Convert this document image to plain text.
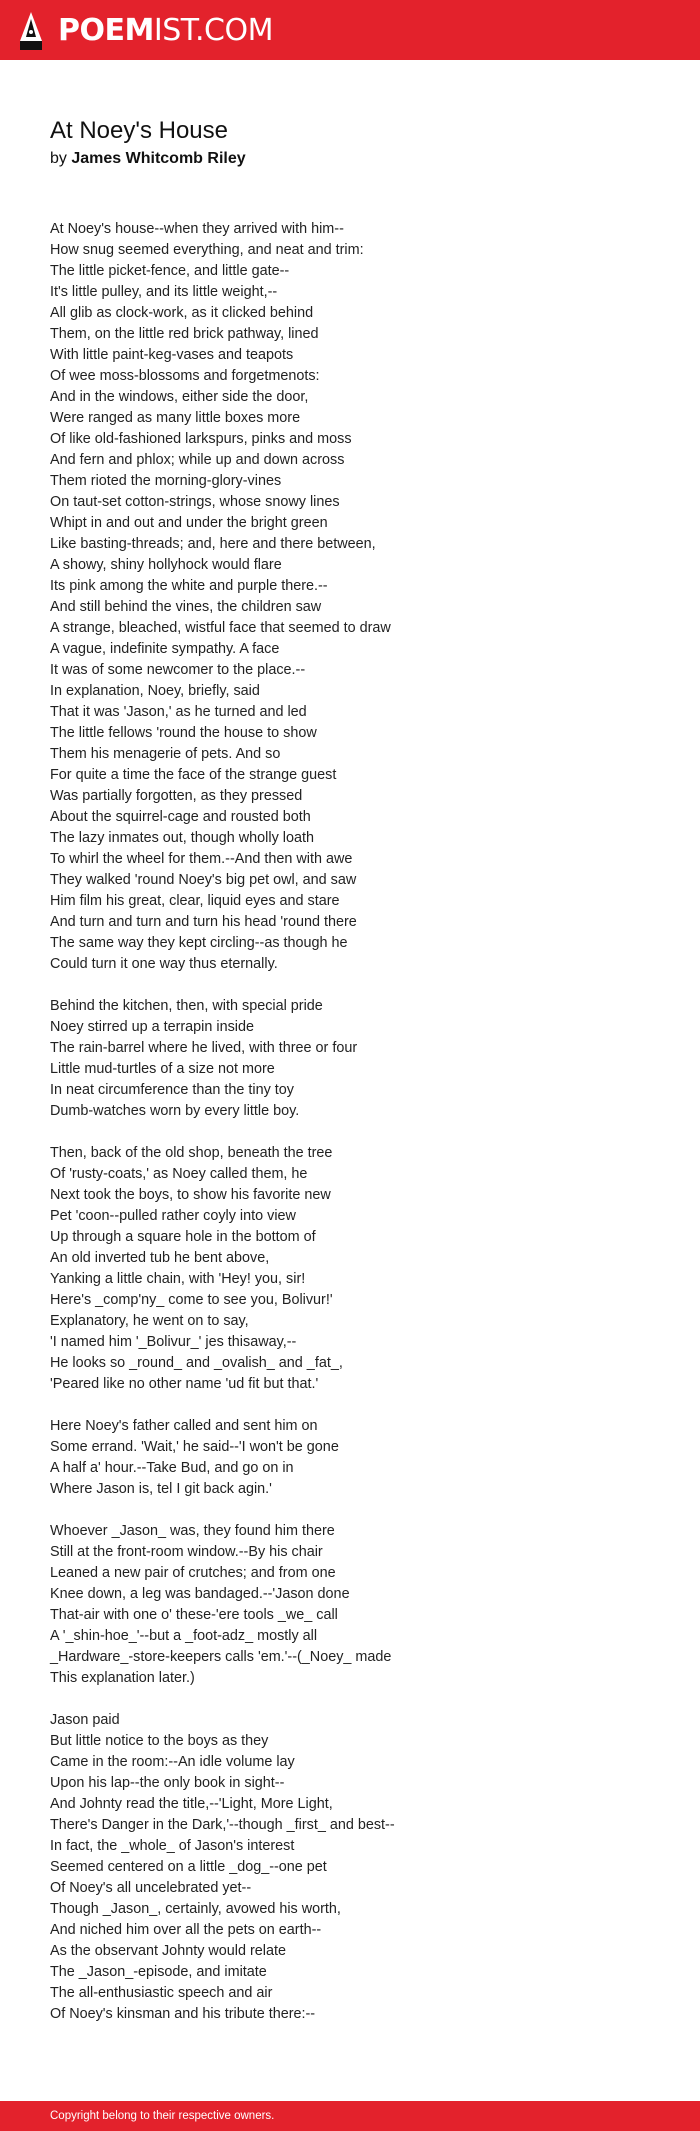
POEMIST.COM
At Noey's House
by James Whitcomb Riley
At Noey's house--when they arrived with him--
How snug seemed everything, and neat and trim:
The little picket-fence, and little gate--
It's little pulley, and its little weight,--
All glib as clock-work, as it clicked behind
Them, on the little red brick pathway, lined
With little paint-keg-vases and teapots
Of wee moss-blossoms and forgetmenots:
And in the windows, either side the door,
Were ranged as many little boxes more
Of like old-fashioned larkspurs, pinks and moss
And fern and phlox; while up and down across
Them rioted the morning-glory-vines
On taut-set cotton-strings, whose snowy lines
Whipt in and out and under the bright green
Like basting-threads; and, here and there between,
A showy, shiny hollyhock would flare
Its pink among the white and purple there.--
And still behind the vines, the children saw
A strange, bleached, wistful face that seemed to draw
A vague, indefinite sympathy. A face
It was of some newcomer to the place.--
In explanation, Noey, briefly, said
That it was 'Jason,' as he turned and led
The little fellows 'round the house to show
Them his menagerie of pets. And so
For quite a time the face of the strange guest
Was partially forgotten, as they pressed
About the squirrel-cage and rousted both
The lazy inmates out, though wholly loath
To whirl the wheel for them.--And then with awe
They walked 'round Noey's big pet owl, and saw
Him film his great, clear, liquid eyes and stare
And turn and turn and turn his head 'round there
The same way they kept circling--as though he
Could turn it one way thus eternally.
Behind the kitchen, then, with special pride
Noey stirred up a terrapin inside
The rain-barrel where he lived, with three or four
Little mud-turtles of a size not more
In neat circumference than the tiny toy
Dumb-watches worn by every little boy.
Then, back of the old shop, beneath the tree
Of 'rusty-coats,' as Noey called them, he
Next took the boys, to show his favorite new
Pet 'coon--pulled rather coyly into view
Up through a square hole in the bottom of
An old inverted tub he bent above,
Yanking a little chain, with 'Hey! you, sir!
Here's _comp'ny_ come to see you, Bolivur!'
Explanatory, he went on to say,
'I named him '_Bolivur_' jes thisaway,--
He looks so _round_ and _ovalish_ and _fat_,
'Peared like no other name 'ud fit but that.'
Here Noey's father called and sent him on
Some errand. 'Wait,' he said--'I won't be gone
A half a' hour.--Take Bud, and go on in
Where Jason is, tel I git back agin.'
Whoever _Jason_ was, they found him there
Still at the front-room window.--By his chair
Leaned a new pair of crutches; and from one
Knee down, a leg was bandaged.--'Jason done
That-air with one o' these-'ere tools _we_ call
A '_shin-hoe_'--but a _foot-adz_ mostly all
_Hardware_-store-keepers calls 'em.'--(_Noey_ made
This explanation later.)
Jason paid
But little notice to the boys as they
Came in the room:--An idle volume lay
Upon his lap--the only book in sight--
And Johnty read the title,--'Light, More Light,
There's Danger in the Dark,'--though _first_ and best--
In fact, the _whole_ of Jason's interest
Seemed centered on a little _dog_--one pet
Of Noey's all uncelebrated yet--
Though _Jason_, certainly, avowed his worth,
And niched him over all the pets on earth--
As the observant Johnty would relate
The _Jason_-episode, and imitate
The all-enthusiastic speech and air
Of Noey's kinsman and his tribute there:--
Copyright belong to their respective owners.
